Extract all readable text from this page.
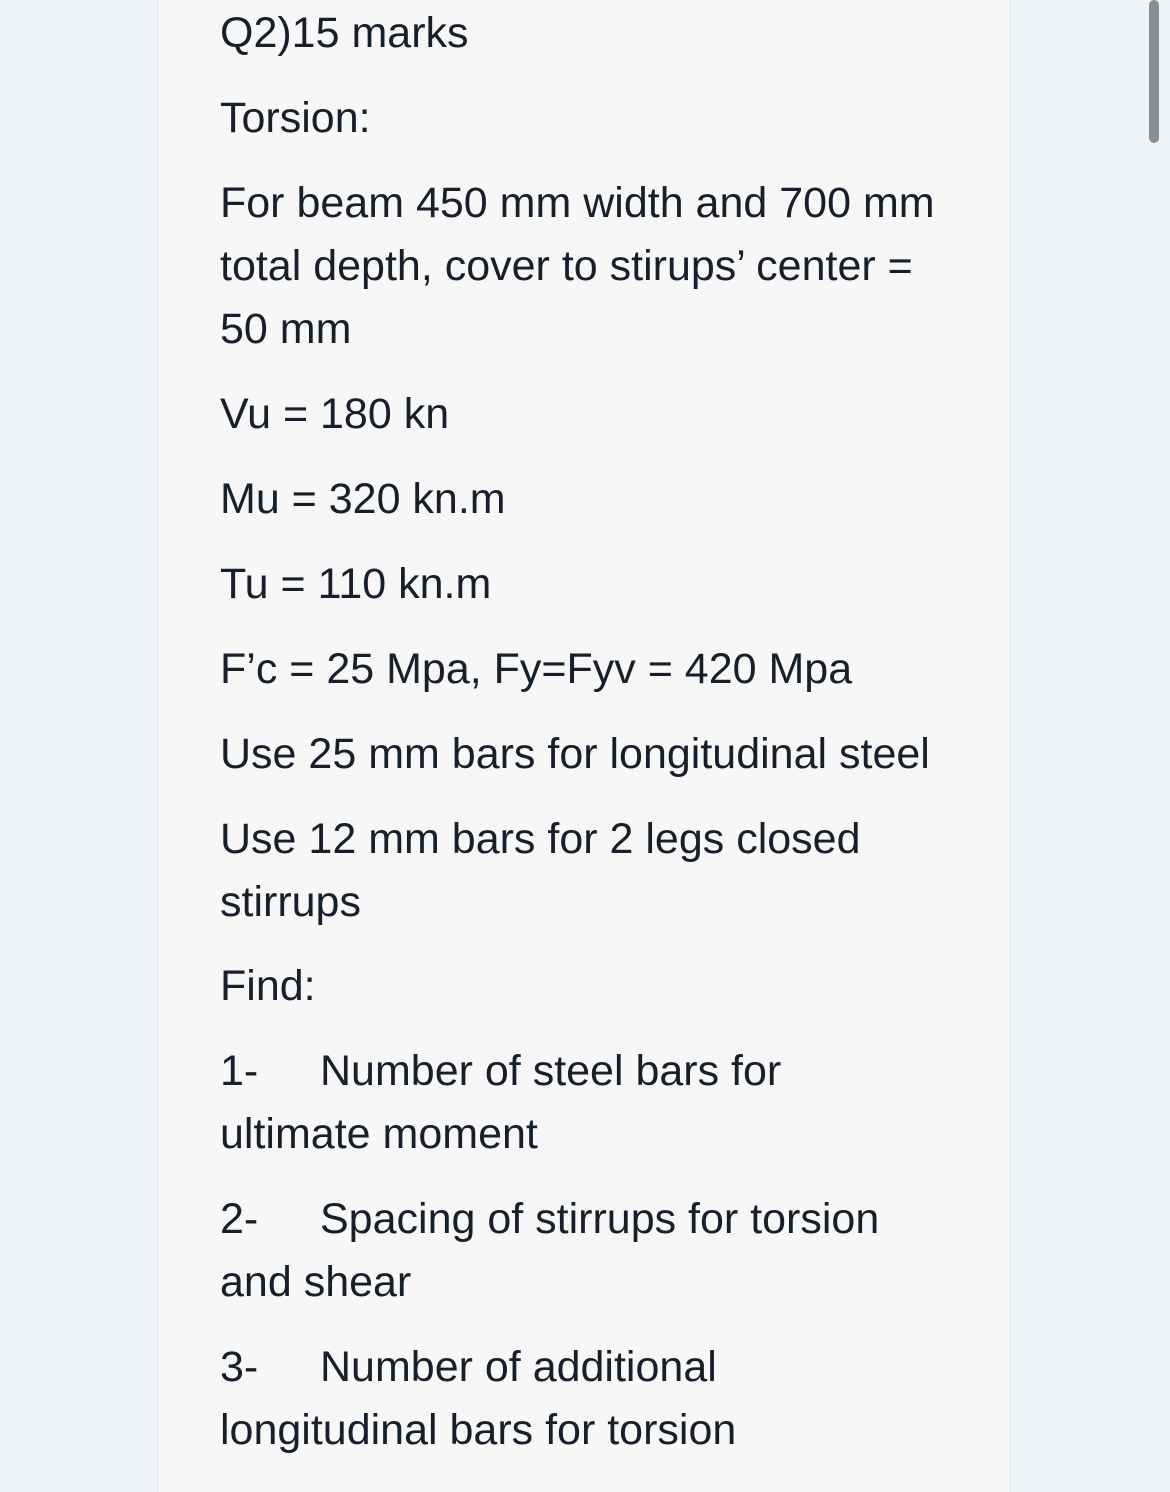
Q2)15 marks

Torsion:

For beam 450 mm width and 700 mm total depth, cover to stirups’ center = 50 mm

Vu = 180 kn

Mu = 320 kn.m

Tu = 110 kn.m

F’c = 25 Mpa, Fy=Fyv = 420 Mpa

Use 25 mm bars for longitudinal steel

Use 12 mm bars for 2 legs closed stirrups

Find:

1- Number of steel bars for ultimate moment

2- Spacing of stirrups for torsion and shear

3- Number of additional longitudinal bars for torsion
